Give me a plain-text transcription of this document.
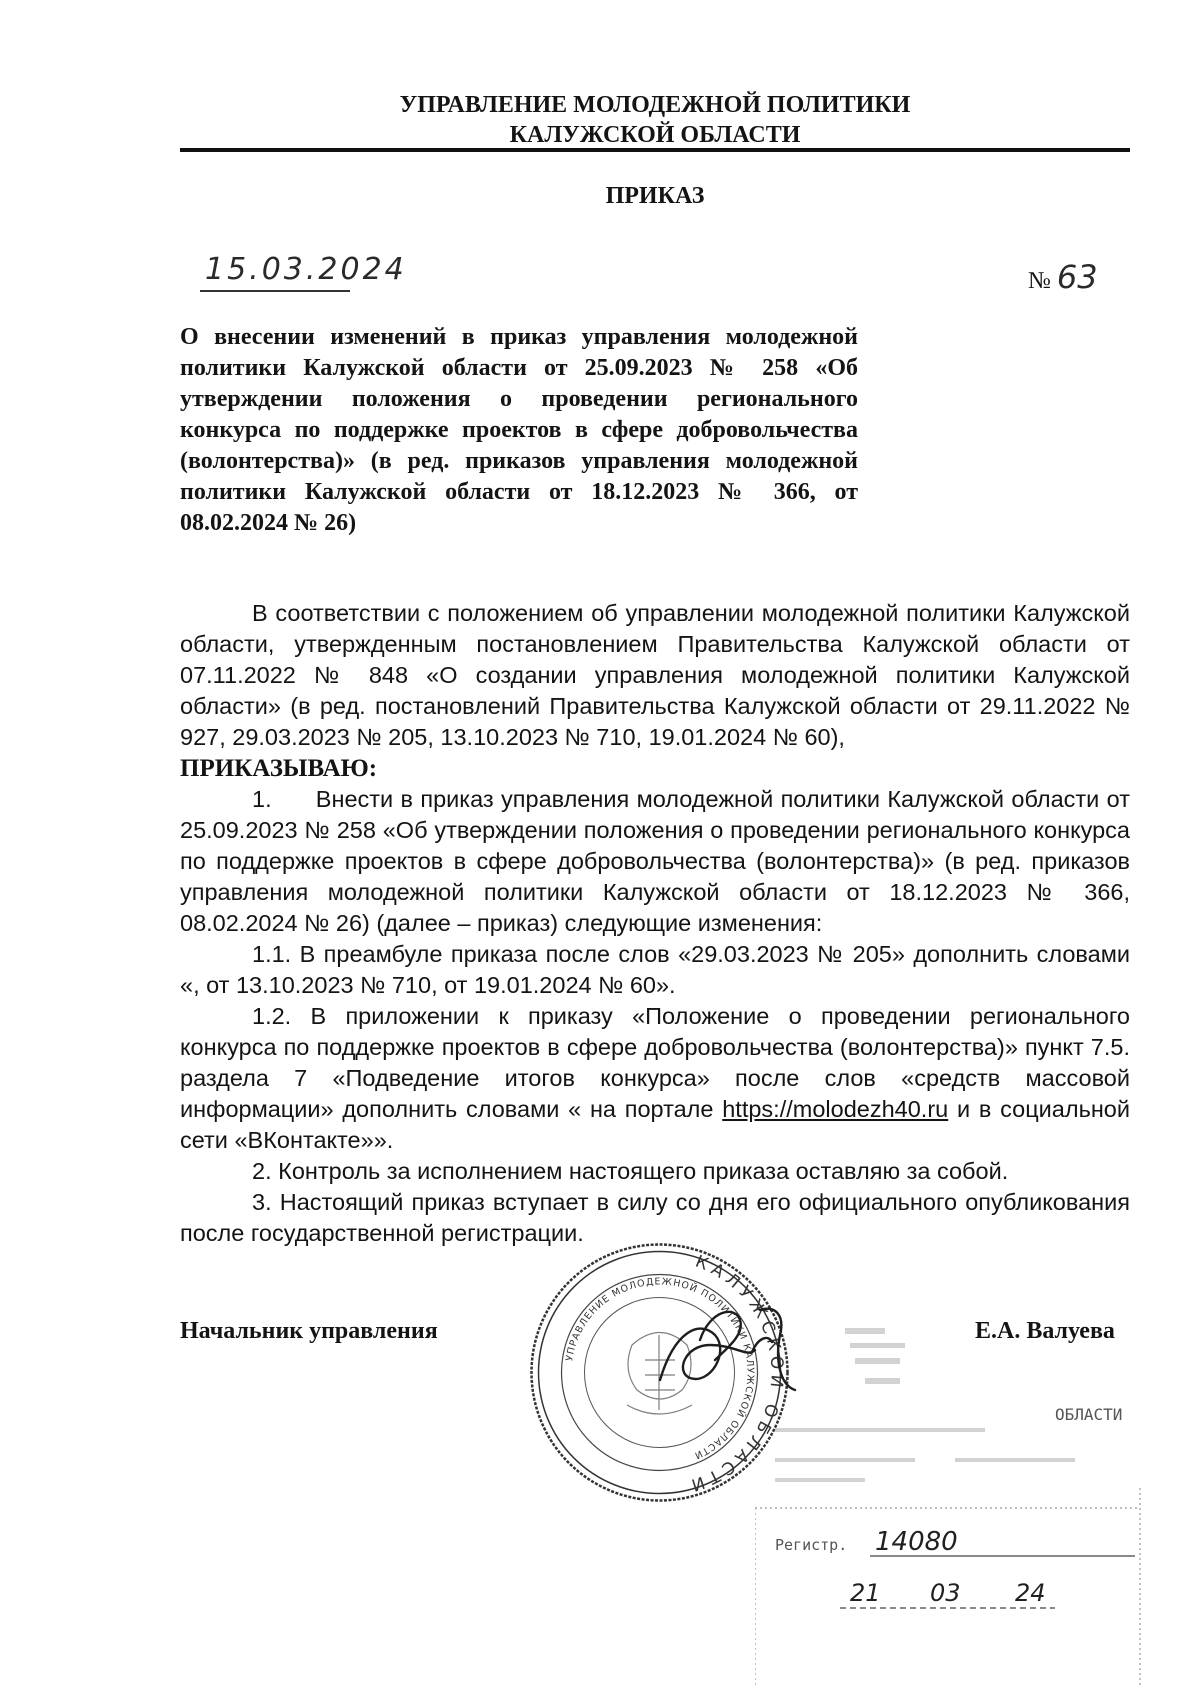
УПРАВЛЕНИЕ МОЛОДЕЖНОЙ ПОЛИТИКИ
КАЛУЖСКОЙ ОБЛАСТИ
ПРИКАЗ
15.03.2024	№ 63
О внесении изменений в приказ управления молодежной политики Калужской области от 25.09.2023 № 258 «Об утверждении положения о проведении регионального конкурса по поддержке проектов в сфере добровольчества (волонтерства)» (в ред. приказов управления молодежной политики Калужской области от 18.12.2023 № 366, от 08.02.2024 № 26)

В соответствии с положением об управлении молодежной политики Калужской области, утвержденным постановлением Правительства Калужской области от 07.11.2022 № 848 «О создании управления молодежной политики Калужской области» (в ред. постановлений Правительства Калужской области от 29.11.2022 № 927, 29.03.2023 № 205, 13.10.2023 № 710, 19.01.2024 № 60),

ПРИКАЗЫВАЮ:

1. Внести в приказ управления молодежной политики Калужской области от 25.09.2023 № 258 «Об утверждении положения о проведении регионального конкурса по поддержке проектов в сфере добровольчества (волонтерства)» (в ред. приказов управления молодежной политики Калужской области от 18.12.2023 № 366, 08.02.2024 № 26) (далее – приказ) следующие изменения:

1.1. В преамбуле приказа после слов «29.03.2023 № 205» дополнить словами «, от 13.10.2023 № 710, от 19.01.2024 № 60».

1.2. В приложении к приказу «Положение о проведении регионального конкурса по поддержке проектов в сфере добровольчества (волонтерства)» пункт 7.5. раздела 7 «Подведение итогов конкурса» после слов «средств массовой информации» дополнить словами « на портале https://molodezh40.ru и в социальной сети «ВКонтакте»».

2. Контроль за исполнением настоящего приказа оставляю за собой.

3. Настоящий приказ вступает в силу со дня его официального опубликования после государственной регистрации.

Начальник управления	Е.А. Валуева
КАЛУЖСКОЙ ОБЛАСТИ
УПРАВЛЕНИЕ МОЛОДЕЖНОЙ ПОЛИТИКИ КАЛУЖСКОЙ ОБЛАСТИ
ОБЛАСТИ
Регистр. 14080
21 03 24
